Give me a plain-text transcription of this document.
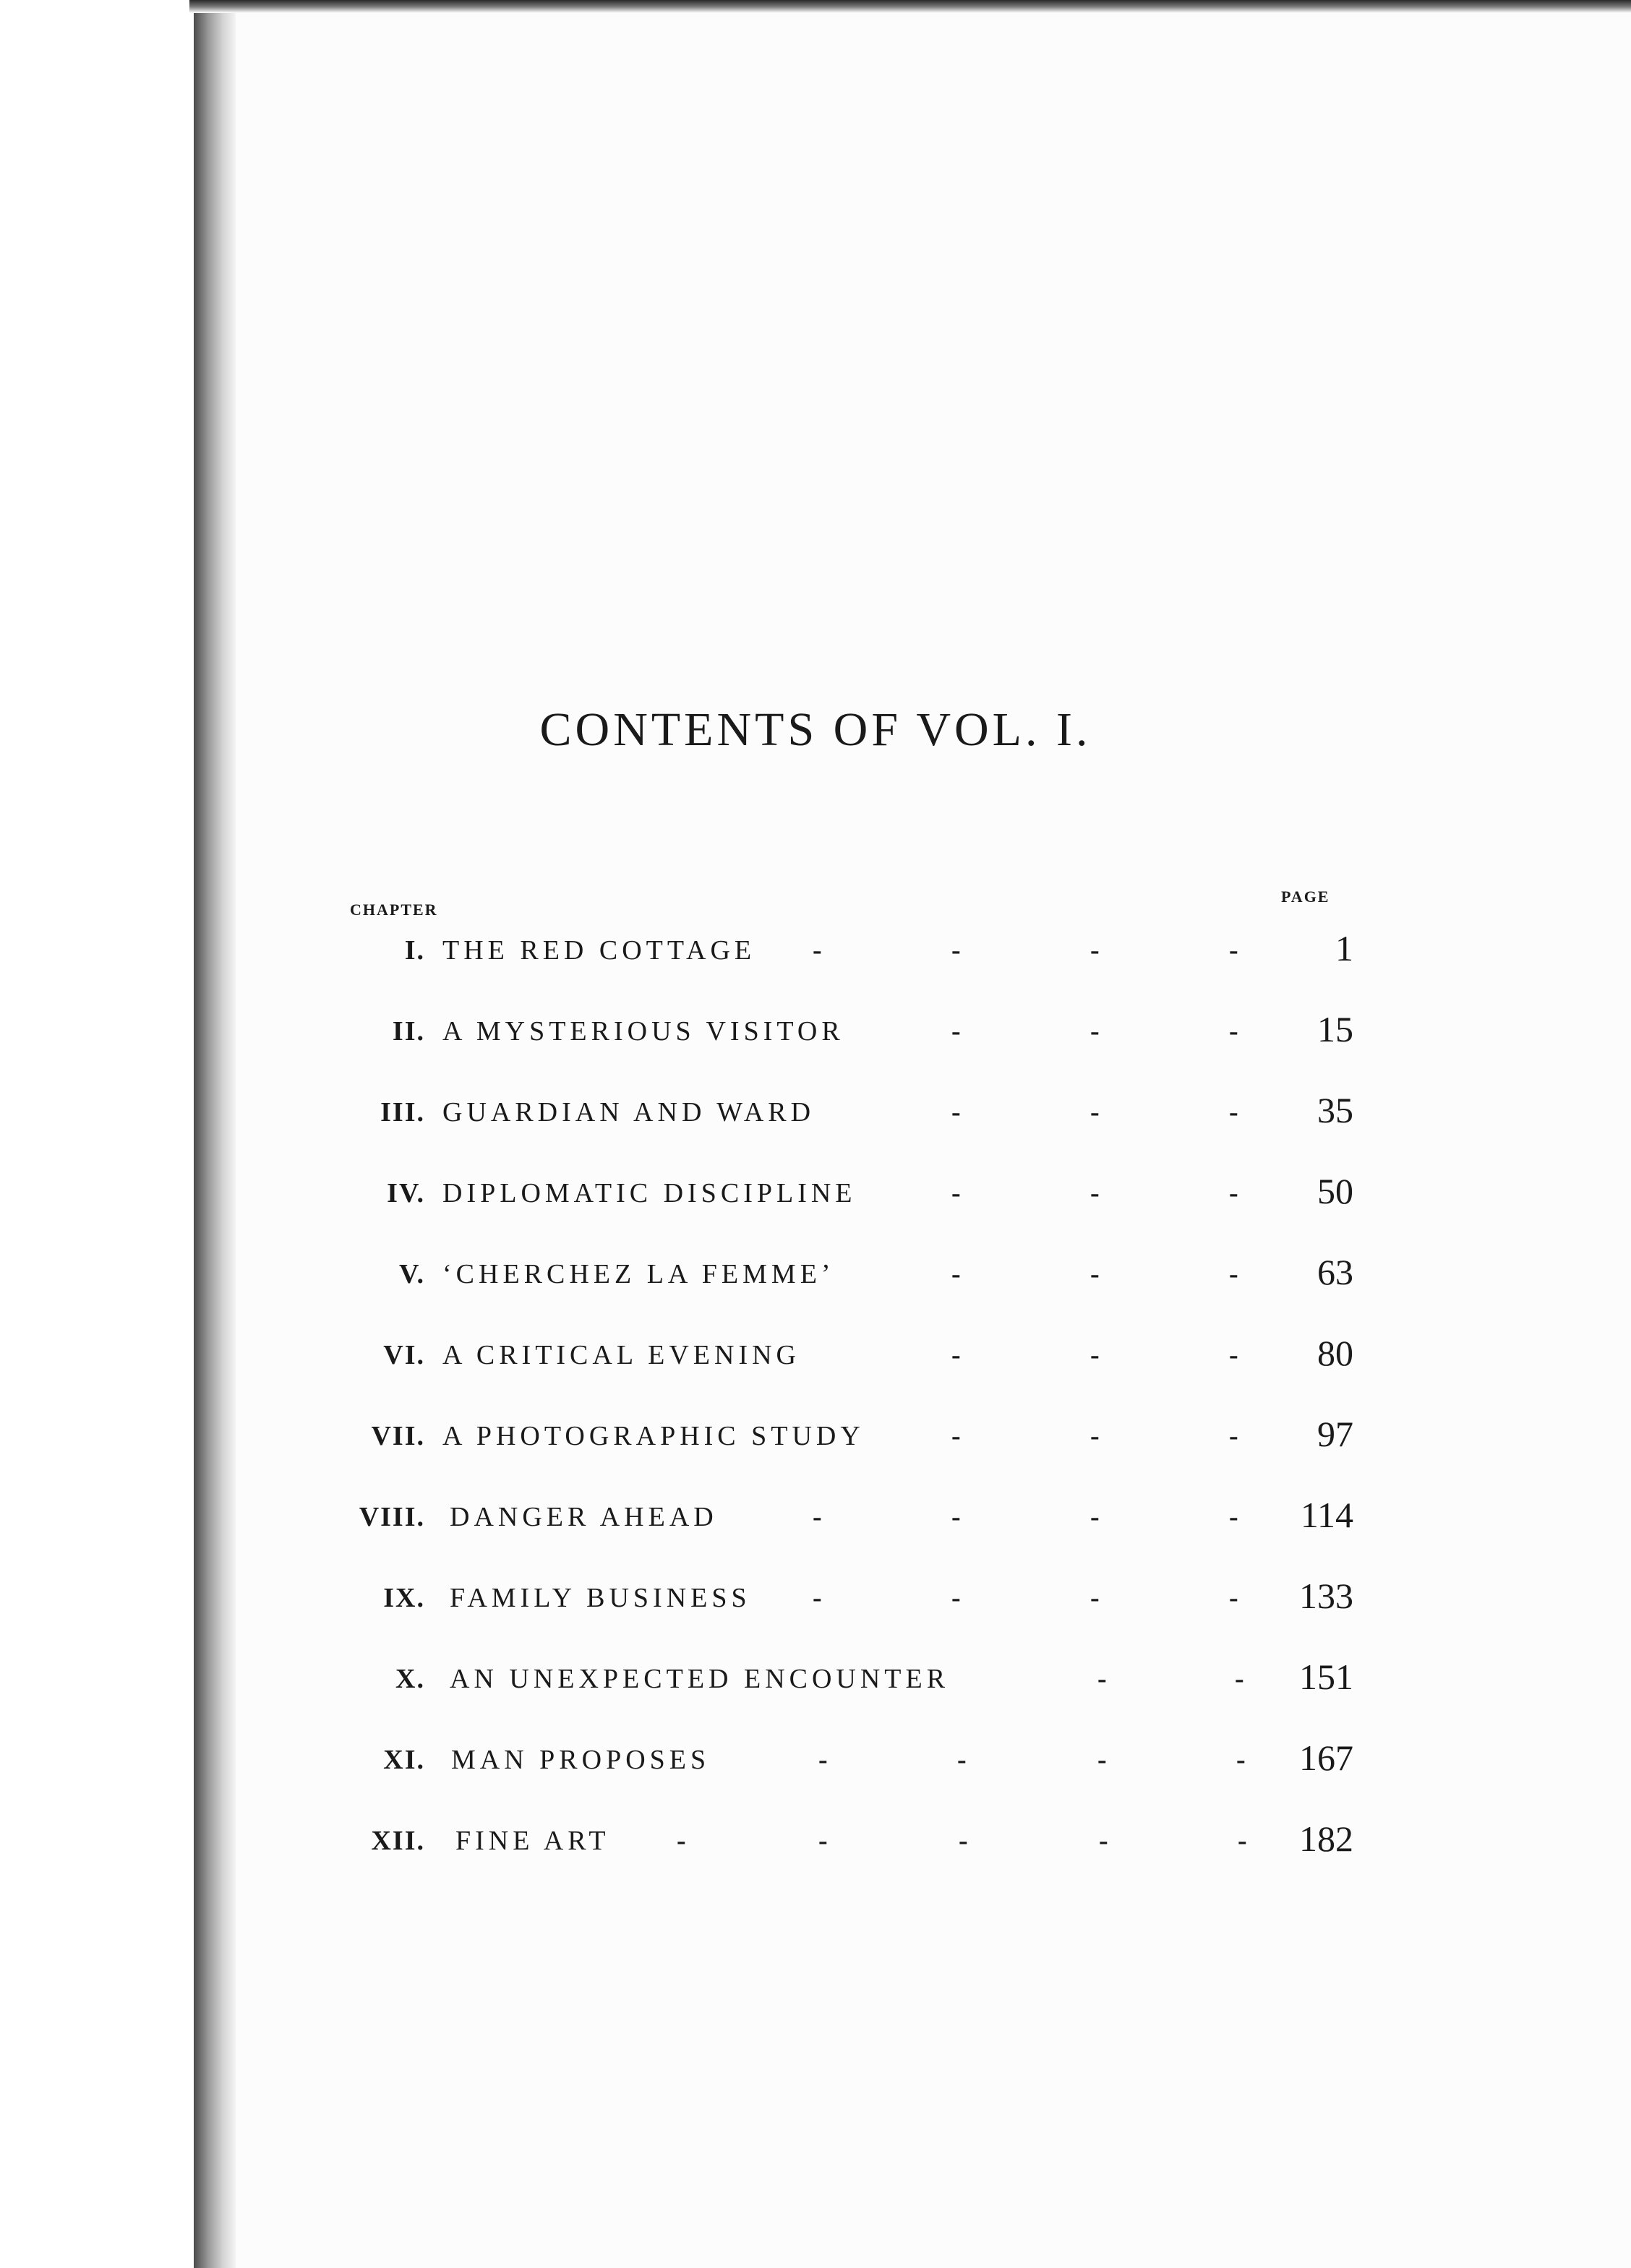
CONTENTS OF VOL. I.
CHAPTER
PAGE
I. THE RED COTTAGE -	-	-	-	1
II. A MYSTERIOUS VISITOR	-	-	- 15
III. GUARDIAN AND WARD	-	-	- 35
IV. DIPLOMATIC DISCIPLINE	-	-	- 50
V. ‘CHERCHEZ LA FEMME’	-	-	- 63
VI. A CRITICAL EVENING	-	-	- 80
VII. A PHOTOGRAPHIC STUDY	-	-	- 97
VIII. DANGER AHEAD	-	-	-	- 114
IX. FAMILY BUSINESS -	-	-	- 133
X. AN UNEXPECTED ENCOUNTER	-	- 151
XI. MAN PROPOSES	-	-	-	- 167
XII. FINE ART -	-	-	-	- 182
